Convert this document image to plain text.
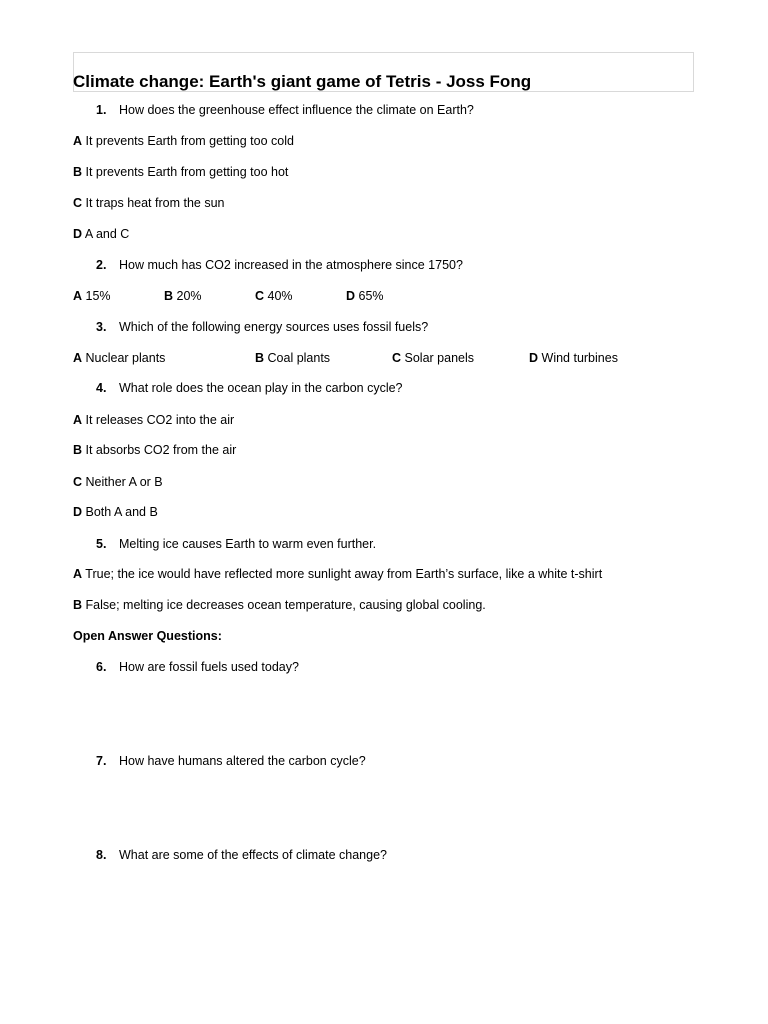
Climate change: Earth's giant game of Tetris - Joss Fong
1. How does the greenhouse effect influence the climate on Earth?
A It prevents Earth from getting too cold
B It prevents Earth from getting too hot
C It traps heat from the sun
D A and C
2. How much has CO2 increased in the atmosphere since 1750?
A 15%	B 20%	C 40%	D 65%
3. Which of the following energy sources uses fossil fuels?
A Nuclear plants	B Coal plants	C Solar panels	D Wind turbines
4. What role does the ocean play in the carbon cycle?
A It releases CO2 into the air
B It absorbs CO2 from the air
C Neither A or B
D Both A and B
5. Melting ice causes Earth to warm even further.
A True; the ice would have reflected more sunlight away from Earth’s surface, like a white t-shirt
B False; melting ice decreases ocean temperature, causing global cooling.
Open Answer Questions:
6. How are fossil fuels used today?
7. How have humans altered the carbon cycle?
8. What are some of the effects of climate change?
